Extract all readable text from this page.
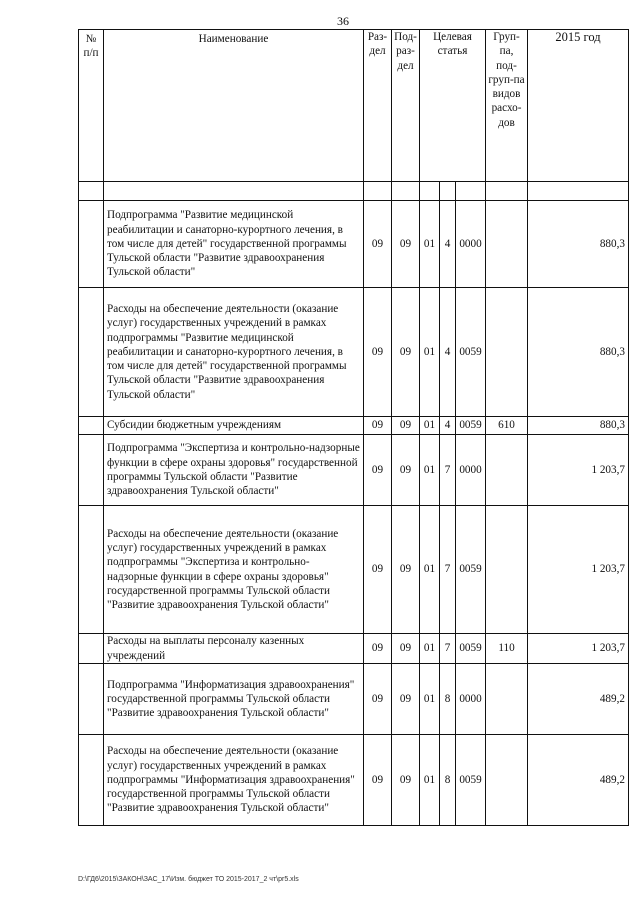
36
№ п/п	Наименование	Раз-дел	Под-раз-дел	Целевая статья			Груп-па, под-груп-па видов расхо-дов	2015 год

	Подпрограмма "Развитие медицинской реабилитации и санаторно-курортного лечения, в том числе для детей" государственной программы Тульской области "Развитие здравоохранения Тульской области"	09	09	01	4	0000		880,3
	Расходы на обеспечение деятельности (оказание услуг) государственных учреждений в рамках подпрограммы "Развитие медицинской реабилитации и санаторно-курортного лечения, в том числе для детей" государственной программы Тульской области "Развитие здравоохранения Тульской области"	09	09	01	4	0059		880,3
	Субсидии бюджетным учреждениям	09	09	01	4	0059	610	880,3
	Подпрограмма "Экспертиза и контрольно-надзорные функции в сфере охраны здоровья" государственной программы Тульской области "Развитие здравоохранения Тульской области"	09	09	01	7	0000		1 203,7
	Расходы на обеспечение деятельности (оказание услуг) государственных учреждений в рамках подпрограммы "Экспертиза и контрольно-надзорные функции в сфере охраны здоровья" государственной программы Тульской области "Развитие здравоохранения Тульской области"	09	09	01	7	0059		1 203,7
	Расходы на выплаты персоналу казенных учреждений	09	09	01	7	0059	110	1 203,7
	Подпрограмма "Информатизация здравоохранения" государственной программы Тульской области "Развитие здравоохранения Тульской области"	09	09	01	8	0000		489,2
	Расходы на обеспечение деятельности (оказание услуг) государственных учреждений в рамках подпрограммы "Информатизация здравоохранения" государственной программы Тульской области "Развитие здравоохранения Тульской области"	09	09	01	8	0059		489,2
D:\ГД6\2015\ЗАКОН\ЗАС_17\Изм. бюджет ТО 2015-2017_2 чт\pr5.xls
